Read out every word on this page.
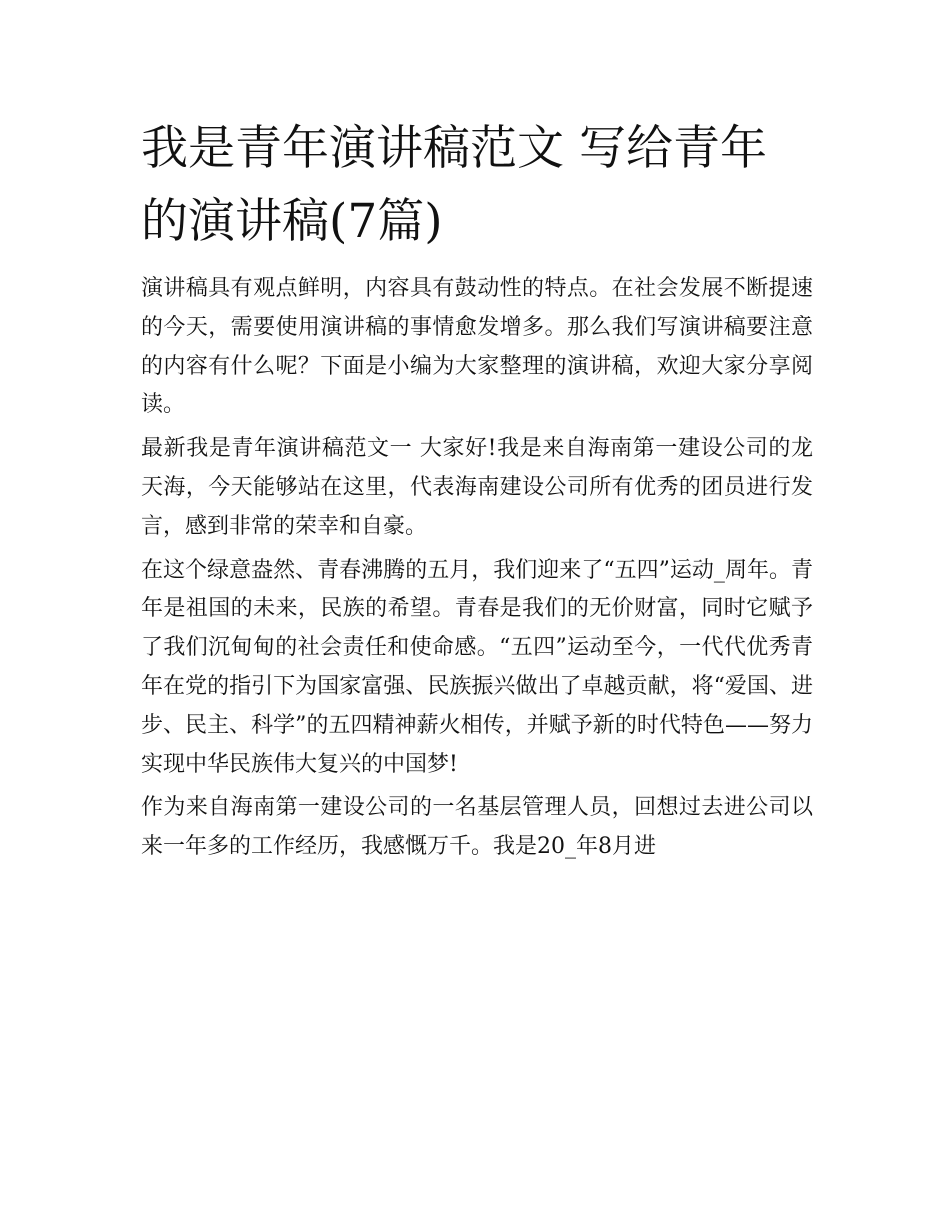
我是青年演讲稿范文 写给青年的演讲稿(7篇)

演讲稿具有观点鲜明，内容具有鼓动性的特点。在社会发展不断提速的今天，需要使用演讲稿的事情愈发增多。那么我们写演讲稿要注意的内容有什么呢？下面是小编为大家整理的演讲稿，欢迎大家分享阅读。

最新我是青年演讲稿范文一 大家好!我是来自海南第一建设公司的龙天海，今天能够站在这里，代表海南建设公司所有优秀的团员进行发言，感到非常的荣幸和自豪。

在这个绿意盎然、青春沸腾的五月，我们迎来了“五四”运动_周年。青年是祖国的未来，民族的希望。青春是我们的无价财富，同时它赋予了我们沉甸甸的社会责任和使命感。“五四”运动至今，一代代优秀青年在党的指引下为国家富强、民族振兴做出了卓越贡献，将“爱国、进步、民主、科学”的五四精神薪火相传，并赋予新的时代特色——努力实现中华民族伟大复兴的中国梦!

作为来自海南第一建设公司的一名基层管理人员，回想过去进公司以来一年多的工作经历，我感慨万千。我是20_年8月进
